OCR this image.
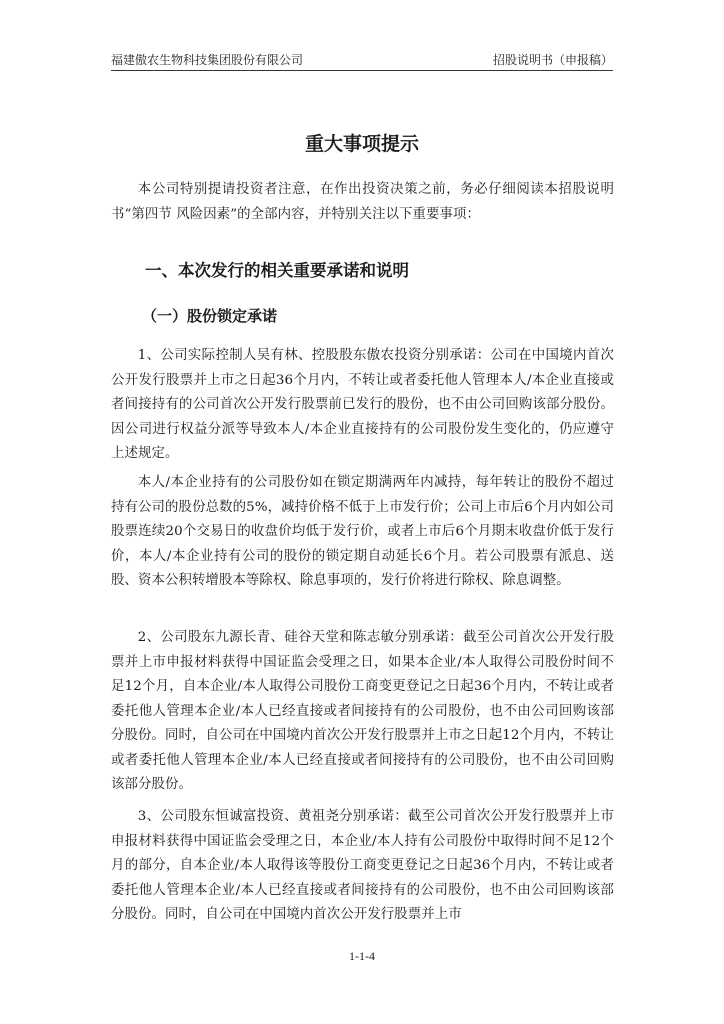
福建傲农生物科技集团股份有限公司	招股说明书（申报稿）
重大事项提示

本公司特别提请投资者注意，在作出投资决策之前，务必仔细阅读本招股说明书“第四节 风险因素”的全部内容，并特别关注以下重要事项：

一、本次发行的相关重要承诺和说明
（一）股份锁定承诺

1、公司实际控制人吴有林、控股股东傲农投资分别承诺：公司在中国境内首次公开发行股票并上市之日起36个月内，不转让或者委托他人管理本人/本企业直接或者间接持有的公司首次公开发行股票前已发行的股份，也不由公司回购该部分股份。因公司进行权益分派等导致本人/本企业直接持有的公司股份发生变化的，仍应遵守上述规定。

本人/本企业持有的公司股份如在锁定期满两年内减持，每年转让的股份不超过持有公司的股份总数的5%，减持价格不低于上市发行价；公司上市后6个月内如公司股票连续20个交易日的收盘价均低于发行价，或者上市后6个月期末收盘价低于发行价，本人/本企业持有公司的股份的锁定期自动延长6个月。若公司股票有派息、送股、资本公积转增股本等除权、除息事项的，发行价将进行除权、除息调整。

2、公司股东九源长青、硅谷天堂和陈志敏分别承诺：截至公司首次公开发行股票并上市申报材料获得中国证监会受理之日，如果本企业/本人取得公司股份时间不足12个月，自本企业/本人取得公司股份工商变更登记之日起36个月内，不转让或者委托他人管理本企业/本人已经直接或者间接持有的公司股份，也不由公司回购该部分股份。同时，自公司在中国境内首次公开发行股票并上市之日起12个月内，不转让或者委托他人管理本企业/本人已经直接或者间接持有的公司股份，也不由公司回购该部分股份。

3、公司股东恒诚富投资、黄祖尧分别承诺：截至公司首次公开发行股票并上市申报材料获得中国证监会受理之日，本企业/本人持有公司股份中取得时间不足12个月的部分，自本企业/本人取得该等股份工商变更登记之日起36个月内，不转让或者委托他人管理本企业/本人已经直接或者间接持有的公司股份，也不由公司回购该部分股份。同时，自公司在中国境内首次公开发行股票并上市

1-1-4
